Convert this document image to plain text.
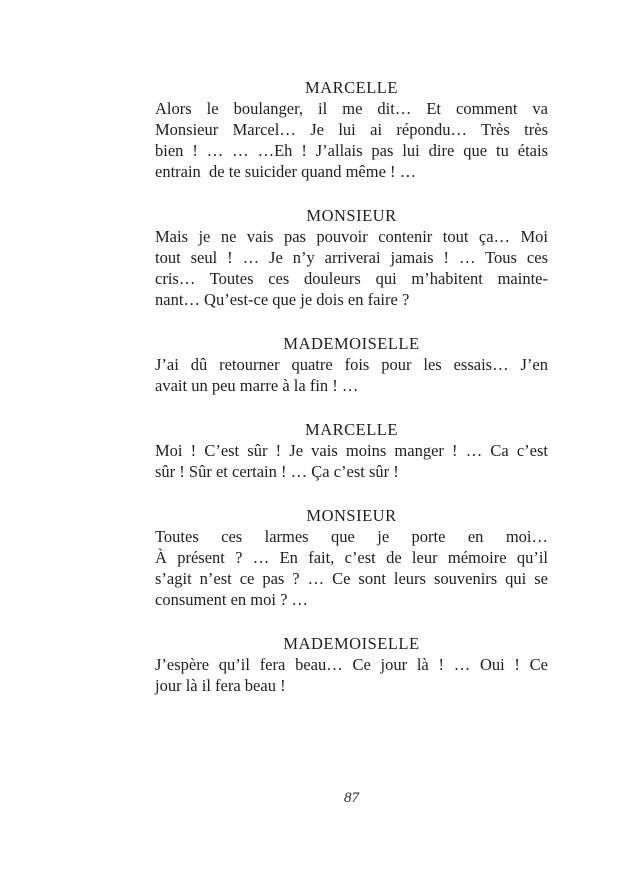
MARCELLE
Alors le boulanger, il me dit… Et comment va
Monsieur Marcel… Je lui ai répondu… Très très
bien ! … … …Eh ! J’allais pas lui dire que tu étais
entrain  de te suicider quand même ! …
MONSIEUR
Mais je ne vais pas pouvoir contenir tout ça… Moi
tout seul ! … Je n’y arriverai jamais ! … Tous ces
cris… Toutes ces douleurs qui m’habitent mainte-
nant… Qu’est-ce que je dois en faire ?
MADEMOISELLE
J’ai dû retourner quatre fois pour les essais… J’en
avait un peu marre à la fin ! …
MARCELLE
Moi ! C’est sûr ! Je vais moins manger ! … Ca c’est
sûr ! Sûr et certain ! … Ça c’est sûr !
MONSIEUR
Toutes ces larmes que je porte en moi…
À présent ? … En fait, c’est de leur mémoire qu’il
s’agit n’est ce pas ? … Ce sont leurs souvenirs qui se
consument en moi ? …
MADEMOISELLE
J’espère qu’il fera beau… Ce jour là ! … Oui ! Ce
jour là il fera beau !
87
